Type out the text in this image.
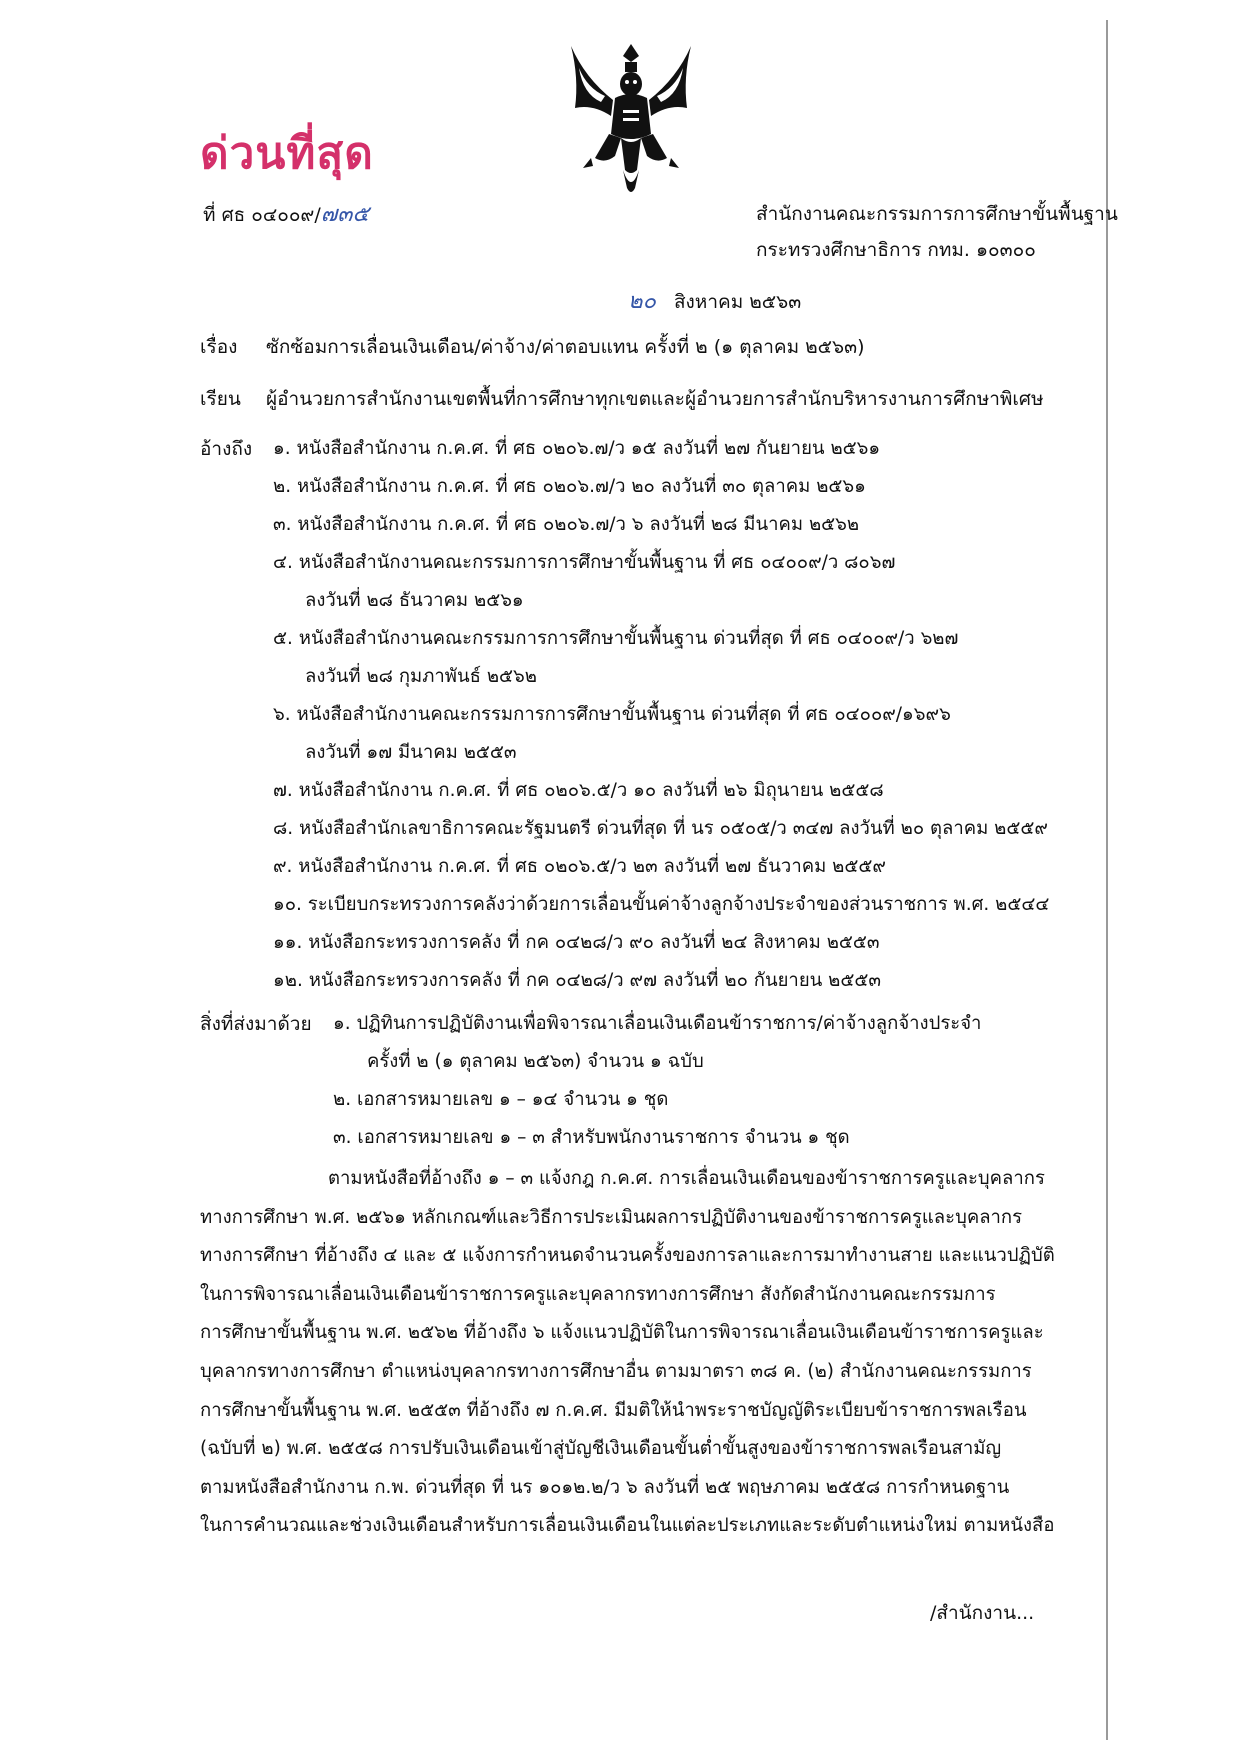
ด่วนที่สุด
ที่ ศธ ๐๔๐๐๙/๗๓๕	สำนักงานคณะกรรมการการศึกษาขั้นพื้นฐาน
กระทรวงศึกษาธิการ กทม. ๑๐๓๐๐
๒๐ สิงหาคม ๒๕๖๓
เรื่อง ซักซ้อมการเลื่อนเงินเดือน/ค่าจ้าง/ค่าตอบแทน ครั้งที่ ๒ (๑ ตุลาคม ๒๕๖๓)
เรียน ผู้อำนวยการสำนักงานเขตพื้นที่การศึกษาทุกเขตและผู้อำนวยการสำนักบริหารงานการศึกษาพิเศษ
อ้างถึง ๑. หนังสือสำนักงาน ก.ค.ศ. ที่ ศธ ๐๒๐๖.๗/ว ๑๕ ลงวันที่ ๒๗ กันยายน ๒๕๖๑
๒. หนังสือสำนักงาน ก.ค.ศ. ที่ ศธ ๐๒๐๖.๗/ว ๒๐ ลงวันที่ ๓๐ ตุลาคม ๒๕๖๑
๓. หนังสือสำนักงาน ก.ค.ศ. ที่ ศธ ๐๒๐๖.๗/ว ๖ ลงวันที่ ๒๘ มีนาคม ๒๕๖๒
๔. หนังสือสำนักงานคณะกรรมการการศึกษาขั้นพื้นฐาน ที่ ศธ ๐๔๐๐๙/ว ๘๐๖๗
ลงวันที่ ๒๘ ธันวาคม ๒๕๖๑
๕. หนังสือสำนักงานคณะกรรมการการศึกษาขั้นพื้นฐาน ด่วนที่สุด ที่ ศธ ๐๔๐๐๙/ว ๖๒๗
ลงวันที่ ๒๘ กุมภาพันธ์ ๒๕๖๒
๖. หนังสือสำนักงานคณะกรรมการการศึกษาขั้นพื้นฐาน ด่วนที่สุด ที่ ศธ ๐๔๐๐๙/๑๖๙๖
ลงวันที่ ๑๗ มีนาคม ๒๕๕๓
๗. หนังสือสำนักงาน ก.ค.ศ. ที่ ศธ ๐๒๐๖.๕/ว ๑๐ ลงวันที่ ๒๖ มิถุนายน ๒๕๕๘
๘. หนังสือสำนักเลขาธิการคณะรัฐมนตรี ด่วนที่สุด ที่ นร ๐๕๐๕/ว ๓๔๗ ลงวันที่ ๒๐ ตุลาคม ๒๕๕๙
๙. หนังสือสำนักงาน ก.ค.ศ. ที่ ศธ ๐๒๐๖.๕/ว ๒๓ ลงวันที่ ๒๗ ธันวาคม ๒๕๕๙
๑๐. ระเบียบกระทรวงการคลังว่าด้วยการเลื่อนขั้นค่าจ้างลูกจ้างประจำของส่วนราชการ พ.ศ. ๒๕๔๔
๑๑. หนังสือกระทรวงการคลัง ที่ กค ๐๔๒๘/ว ๙๐ ลงวันที่ ๒๔ สิงหาคม ๒๕๕๓
๑๒. หนังสือกระทรวงการคลัง ที่ กค ๐๔๒๘/ว ๙๗ ลงวันที่ ๒๐ กันยายน ๒๕๕๓
สิ่งที่ส่งมาด้วย ๑. ปฏิทินการปฏิบัติงานเพื่อพิจารณาเลื่อนเงินเดือนข้าราชการ/ค่าจ้างลูกจ้างประจำ
ครั้งที่ ๒ (๑ ตุลาคม ๒๕๖๓) จำนวน ๑ ฉบับ
๒. เอกสารหมายเลข ๑ – ๑๔ จำนวน ๑ ชุด
๓. เอกสารหมายเลข ๑ – ๓ สำหรับพนักงานราชการ จำนวน ๑ ชุด
ตามหนังสือที่อ้างถึง ๑ – ๓ แจ้งกฎ ก.ค.ศ. การเลื่อนเงินเดือนของข้าราชการครูและบุคลากร
ทางการศึกษา พ.ศ. ๒๕๖๑ หลักเกณฑ์และวิธีการประเมินผลการปฏิบัติงานของข้าราชการครูและบุคลากร
ทางการศึกษา ที่อ้างถึง ๔ และ ๕ แจ้งการกำหนดจำนวนครั้งของการลาและการมาทำงานสาย และแนวปฏิบัติ
ในการพิจารณาเลื่อนเงินเดือนข้าราชการครูและบุคลากรทางการศึกษา สังกัดสำนักงานคณะกรรมการ
การศึกษาขั้นพื้นฐาน พ.ศ. ๒๕๖๒ ที่อ้างถึง ๖ แจ้งแนวปฏิบัติในการพิจารณาเลื่อนเงินเดือนข้าราชการครูและ
บุคลากรทางการศึกษา ตำแหน่งบุคลากรทางการศึกษาอื่น ตามมาตรา ๓๘ ค. (๒) สำนักงานคณะกรรมการ
การศึกษาขั้นพื้นฐาน พ.ศ. ๒๕๕๓ ที่อ้างถึง ๗ ก.ค.ศ. มีมติให้นำพระราชบัญญัติระเบียบข้าราชการพลเรือน
(ฉบับที่ ๒) พ.ศ. ๒๕๕๘ การปรับเงินเดือนเข้าสู่บัญชีเงินเดือนขั้นต่ำขั้นสูงของข้าราชการพลเรือนสามัญ
ตามหนังสือสำนักงาน ก.พ. ด่วนที่สุด ที่ นร ๑๐๑๒.๒/ว ๖ ลงวันที่ ๒๕ พฤษภาคม ๒๕๕๘ การกำหนดฐาน
ในการคำนวณและช่วงเงินเดือนสำหรับการเลื่อนเงินเดือนในแต่ละประเภทและระดับตำแหน่งใหม่ ตามหนังสือ
/สำนักงาน...
